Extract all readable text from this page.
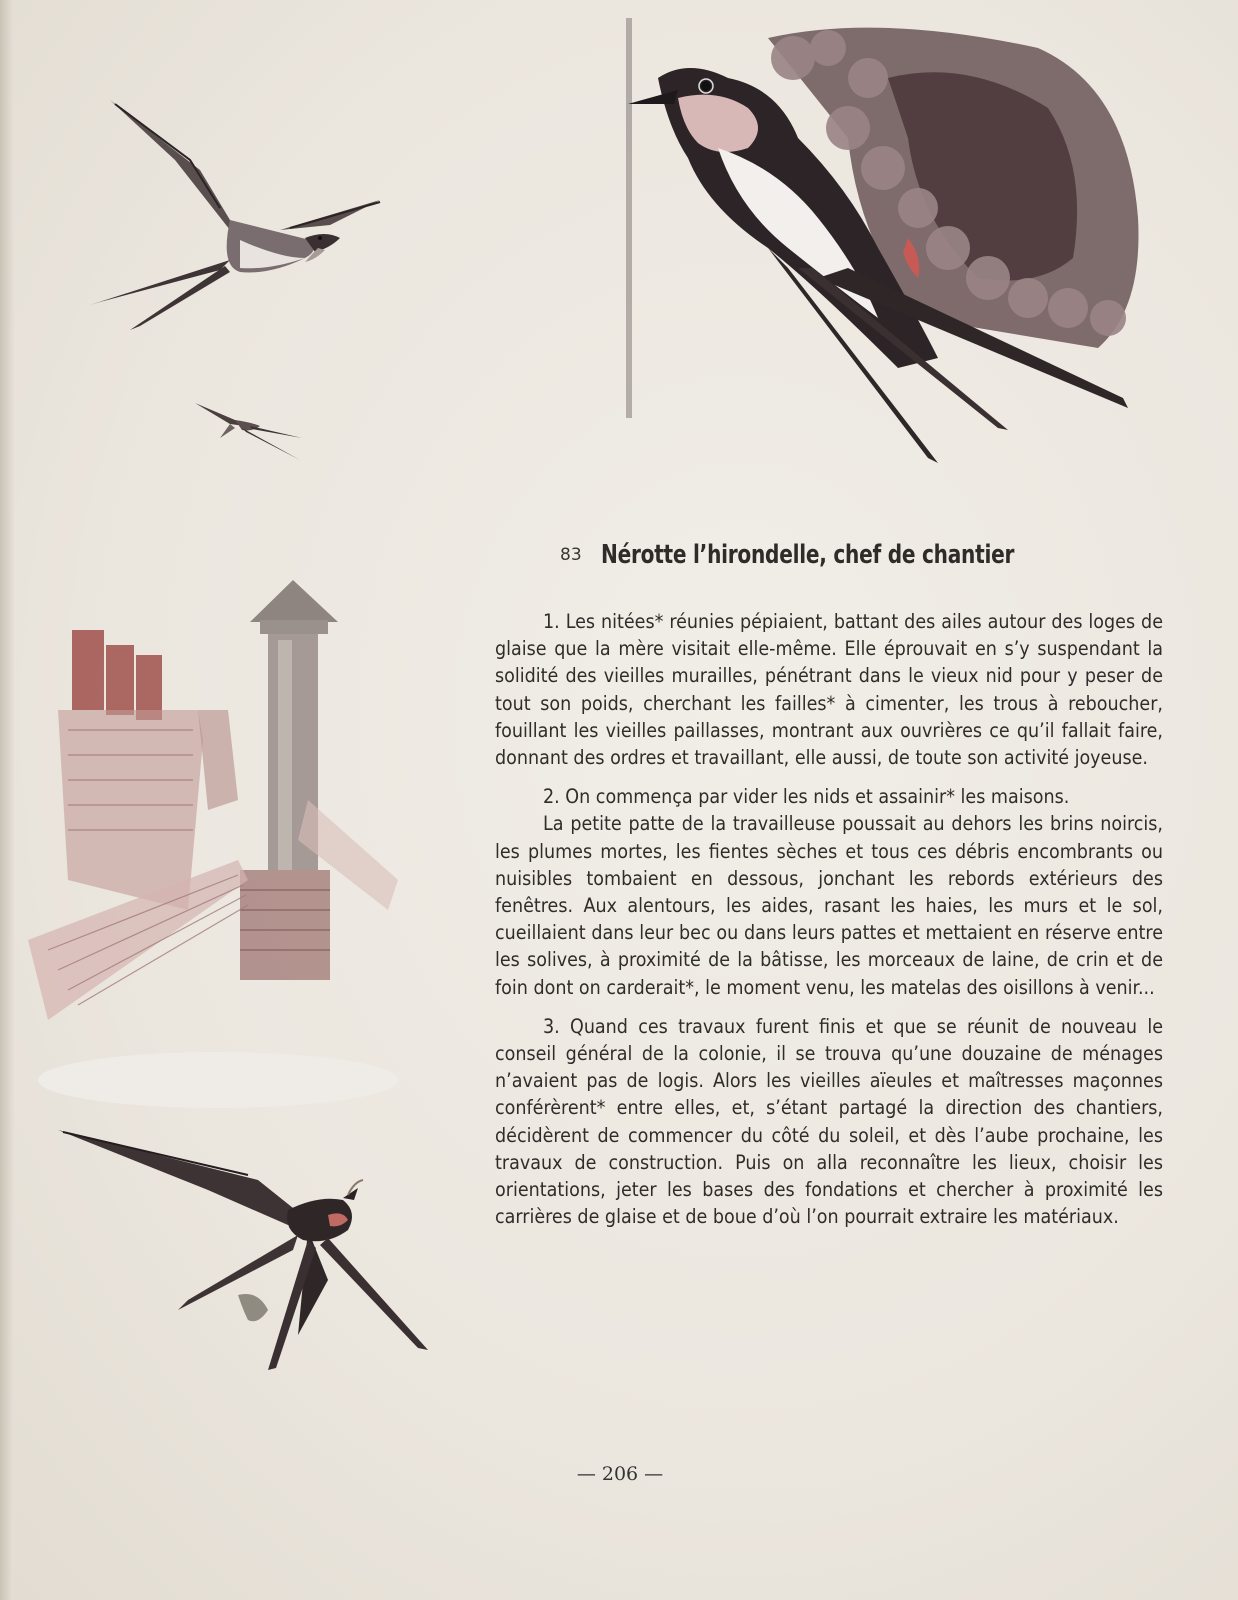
83 Nérotte l’hirondelle, chef de chantier

1. Les nitées* réunies pépiaient, battant des ailes autour des loges de glaise que la mère visitait elle-même. Elle éprouvait en s’y suspendant la solidité des vieilles murailles, pénétrant dans le vieux nid pour y peser de tout son poids, cherchant les failles* à cimenter, les trous à reboucher, fouillant les vieilles paillasses, montrant aux ouvrières ce qu’il fallait faire, donnant des ordres et travaillant, elle aussi, de toute son activité joyeuse.

2. On commença par vider les nids et assainir* les maisons.

La petite patte de la travailleuse poussait au dehors les brins noircis, les plumes mortes, les fientes sèches et tous ces débris encombrants ou nuisibles tombaient en dessous, jonchant les rebords extérieurs des fenêtres. Aux alentours, les aides, rasant les haies, les murs et le sol, cueillaient dans leur bec ou dans leurs pattes et mettaient en réserve entre les solives, à proximité de la bâtisse, les morceaux de laine, de crin et de foin dont on carderait*, le moment venu, les matelas des oisillons à venir...

3. Quand ces travaux furent finis et que se réunit de nouveau le conseil général de la colonie, il se trouva qu’une douzaine de ménages n’avaient pas de logis. Alors les vieilles aïeules et maîtresses maçonnes conférèrent* entre elles, et, s’étant partagé la direction des chantiers, décidèrent de commencer du côté du soleil, et dès l’aube prochaine, les travaux de construction. Puis on alla reconnaître les lieux, choisir les orientations, jeter les bases des fondations et chercher à proximité les carrières de glaise et de boue d’où l’on pourrait extraire les matériaux.

— 206 —
